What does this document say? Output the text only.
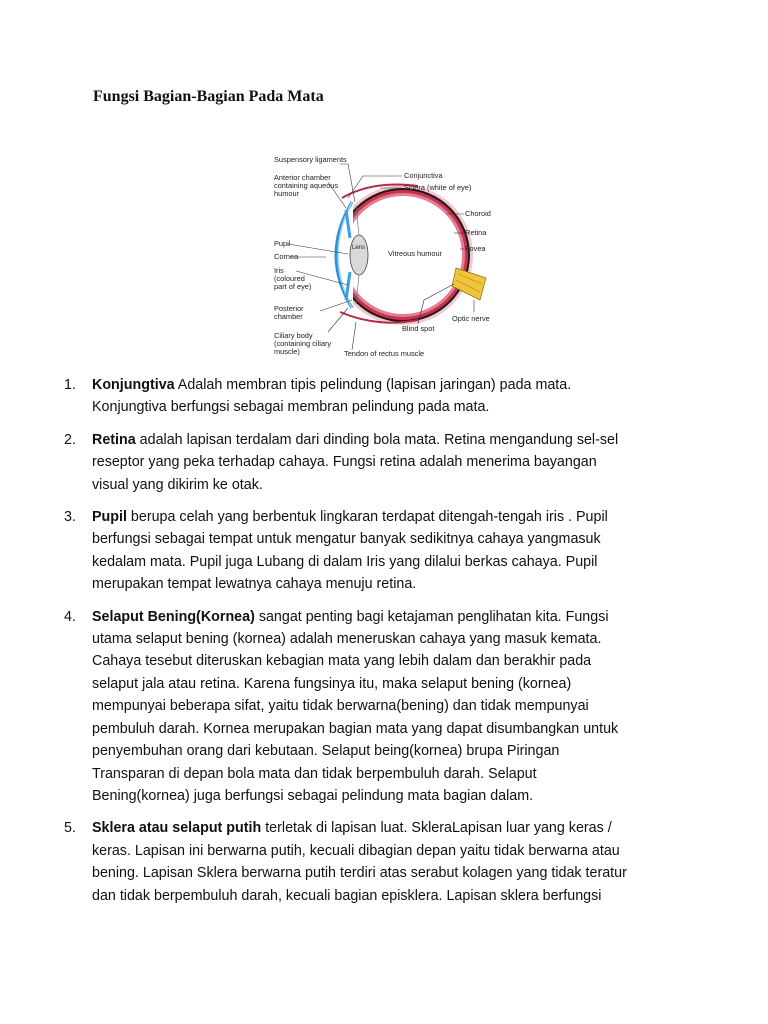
Fungsi Bagian-Bagian Pada Mata
Suspensory ligaments
Anterior chamber
containing aqueous
humour
Conjunctiva
Sclera (white of eye)
Choroid
Retina
Fovea
Pupil	Lens
Cornea	Vitreous humour
Iris
(coloured
part of eye)
Posterior
chamber
Blind spot
Optic nerve
Ciliary body
(containing ciliary
muscle)	Tendon of rectus muscle
1. Konjungtiva Adalah membran tipis pelindung (lapisan jaringan) pada mata.
Konjungtiva berfungsi sebagai membran pelindung pada mata.
2. Retina adalah lapisan terdalam dari dinding bola mata. Retina mengandung sel-sel
reseptor yang peka terhadap cahaya. Fungsi retina adalah menerima bayangan
visual yang dikirim ke otak.
3. Pupil berupa celah yang berbentuk lingkaran terdapat ditengah-tengah iris . Pupil
berfungsi sebagai tempat untuk mengatur banyak sedikitnya cahaya yangmasuk
kedalam mata. Pupil juga Lubang di dalam Iris yang dilalui berkas cahaya. Pupil
merupakan tempat lewatnya cahaya menuju retina.
4. Selaput Bening(Kornea) sangat penting bagi ketajaman penglihatan kita. Fungsi
utama selaput bening (kornea) adalah meneruskan cahaya yang masuk kemata.
Cahaya tesebut diteruskan kebagian mata yang lebih dalam dan berakhir pada
selaput jala atau retina. Karena fungsinya itu, maka selaput bening (kornea)
mempunyai beberapa sifat, yaitu tidak berwarna(bening) dan tidak mempunyai
pembuluh darah. Kornea merupakan bagian mata yang dapat disumbangkan untuk
penyembuhan orang dari kebutaan. Selaput being(kornea) brupa Piringan
Transparan di depan bola mata dan tidak berpembuluh darah. Selaput
Bening(kornea) juga berfungsi sebagai pelindung mata bagian dalam.
5. Sklera atau selaput putih terletak di lapisan luat. SkleraLapisan luar yang keras /
keras. Lapisan ini berwarna putih, kecuali dibagian depan yaitu tidak berwarna atau
bening. Lapisan Sklera berwarna putih terdiri atas serabut kolagen yang tidak teratur
dan tidak berpembuluh darah, kecuali bagian episklera. Lapisan sklera berfungsi
